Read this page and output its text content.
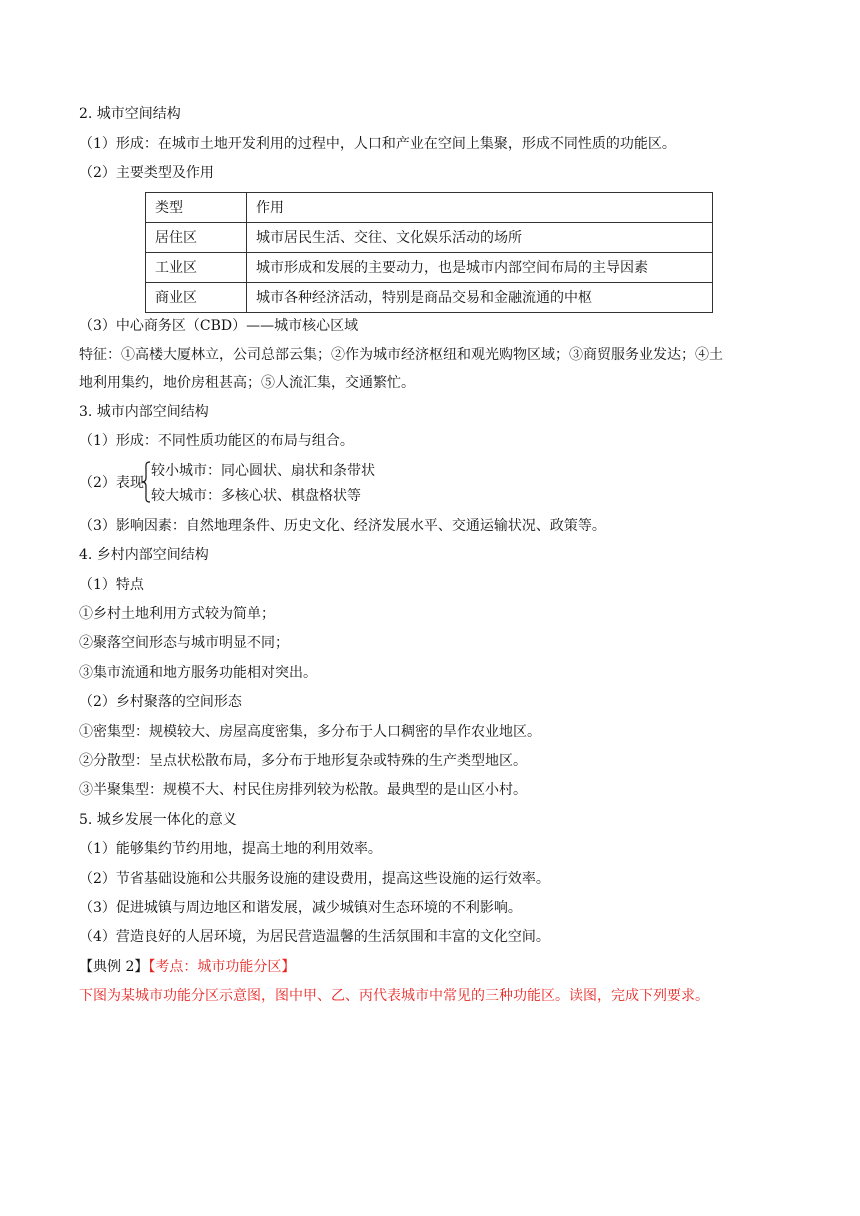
2. 城市空间结构
（1）形成：在城市土地开发利用的过程中，人口和产业在空间上集聚，形成不同性质的功能区。
（2）主要类型及作用
类型	作用
居住区	城市居民生活、交往、文化娱乐活动的场所
工业区	城市形成和发展的主要动力，也是城市内部空间布局的主导因素
商业区	城市各种经济活动，特别是商品交易和金融流通的中枢
（3）中心商务区（CBD）——城市核心区域
特征：①高楼大厦林立，公司总部云集；②作为城市经济枢纽和观光购物区域；③商贸服务业发达；④土
地利用集约，地价房租甚高；⑤人流汇集，交通繁忙。
3. 城市内部空间结构
（1）形成：不同性质功能区的布局与组合。
（2）表现
较小城市：同心圆状、扇状和条带状
较大城市：多核心状、棋盘格状等
（3）影响因素：自然地理条件、历史文化、经济发展水平、交通运输状况、政策等。
4. 乡村内部空间结构
（1）特点
①乡村土地利用方式较为简单；
②聚落空间形态与城市明显不同；
③集市流通和地方服务功能相对突出。
（2）乡村聚落的空间形态
①密集型：规模较大、房屋高度密集，多分布于人口稠密的旱作农业地区。
②分散型：呈点状松散布局，多分布于地形复杂或特殊的生产类型地区。
③半聚集型：规模不大、村民住房排列较为松散。最典型的是山区小村。
5. 城乡发展一体化的意义
（1）能够集约节约用地，提高土地的利用效率。
（2）节省基础设施和公共服务设施的建设费用，提高这些设施的运行效率。
（3）促进城镇与周边地区和谐发展，减少城镇对生态环境的不利影响。
（4）营造良好的人居环境，为居民营造温馨的生活氛围和丰富的文化空间。
【典例 2】【考点：城市功能分区】
下图为某城市功能分区示意图，图中甲、乙、丙代表城市中常见的三种功能区。读图，完成下列要求。
